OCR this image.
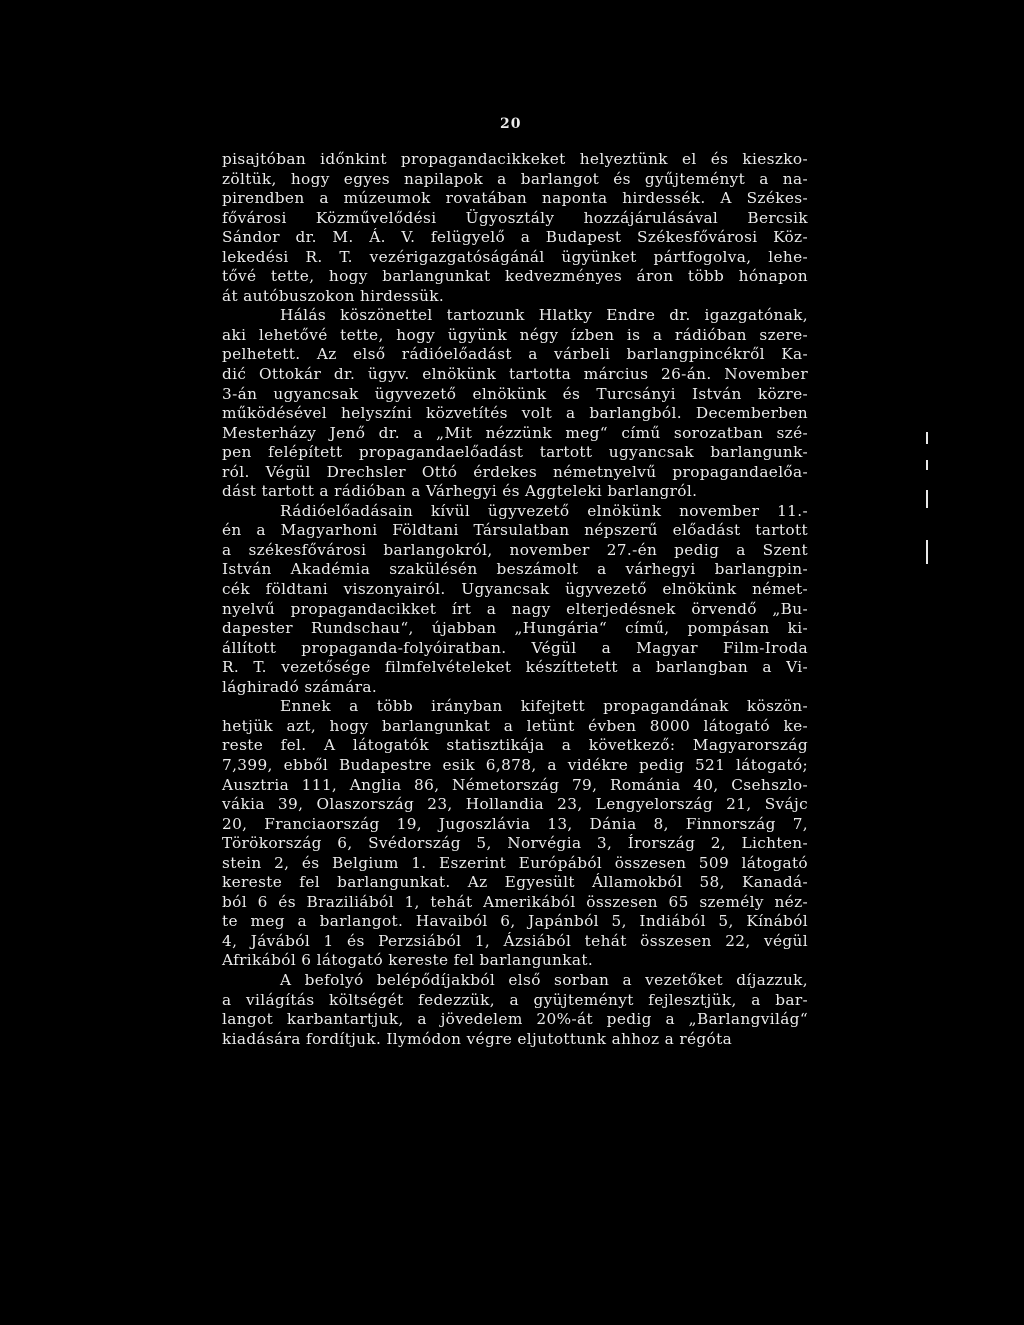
20

pisajtóban időnkint propagandacikkeket helyeztünk el és kieszko-
zöltük, hogy egyes napilapok a barlangot és gyűjteményt a na-
pirendben a múzeumok rovatában naponta hirdessék. A Székes-
fővárosi Közművelődési Ügyosztály hozzájárulásával Bercsik
Sándor dr. M. Á. V. felügyelő a Budapest Székesfővárosi Köz-
lekedési R. T. vezérigazgatóságánál ügyünket pártfogolva, lehe-
tővé tette, hogy barlangunkat kedvezményes áron több hónapon
át autóbuszokon hirdessük.

Hálás köszönettel tartozunk Hlatky Endre dr. igazgatónak,
aki lehetővé tette, hogy ügyünk négy ízben is a rádióban szere-
pelhetett. Az első rádióelőadást a várbeli barlangpincékről Ka-
dić Ottokár dr. ügyv. elnökünk tartotta március 26-án. November
3-án ugyancsak ügyvezető elnökünk és Turcsányi István közre-
működésével helyszíni közvetítés volt a barlangból. Decemberben
Mesterházy Jenő dr. a „Mit nézzünk meg“ című sorozatban szé-
pen felépített propagandaelőadást tartott ugyancsak barlangunk-
ról. Végül Drechsler Ottó érdekes németnyelvű propagandaelőa-
dást tartott a rádióban a Várhegyi és Aggteleki barlangról.

Rádióelőadásain kívül ügyvezető elnökünk november 11.-
én a Magyarhoni Földtani Társulatban népszerű előadást tartott
a székesfővárosi barlangokról, november 27.-én pedig a Szent
István Akadémia szakülésén beszámolt a várhegyi barlangpin-
cék földtani viszonyairól. Ugyancsak ügyvezető elnökünk német-
nyelvű propagandacikket írt a nagy elterjedésnek örvendő „Bu-
dapester Rundschau“, újabban „Hungária“ című, pompásan ki-
állított propaganda-folyóiratban. Végül a Magyar Film-Iroda
R. T. vezetősége filmfelvételeket készíttetett a barlangban a Vi-
lághiradó számára.

Ennek a több irányban kifejtett propagandának köszön-
hetjük azt, hogy barlangunkat a letünt évben 8000 látogató ke-
reste fel. A látogatók statisztikája a következő: Magyarország
7,399, ebből Budapestre esik 6,878, a vidékre pedig 521 látogató;
Ausztria 111, Anglia 86, Németország 79, Románia 40, Csehszlo-
vákia 39, Olaszország 23, Hollandia 23, Lengyelország 21, Svájc
20, Franciaország 19, Jugoszlávia 13, Dánia 8, Finnország 7,
Törökország 6, Svédország 5, Norvégia 3, Írország 2, Lichten-
stein 2, és Belgium 1. Eszerint Európából összesen 509 látogató
kereste fel barlangunkat. Az Egyesült Államokból 58, Kanadá-
ból 6 és Braziliából 1, tehát Amerikából összesen 65 személy néz-
te meg a barlangot. Havaiból 6, Japánból 5, Indiából 5, Kínából
4, Jávából 1 és Perzsiából 1, Ázsiából tehát összesen 22, végül
Afrikából 6 látogató kereste fel barlangunkat.

A befolyó belépődíjakból első sorban a vezetőket díjazzuk,
a világítás költségét fedezzük, a gyüjteményt fejlesztjük, a bar-
langot karbantartjuk, a jövedelem 20%-át pedig a „Barlangvilág“
kiadására fordítjuk. Ilymódon végre eljutottunk ahhoz a régóta
